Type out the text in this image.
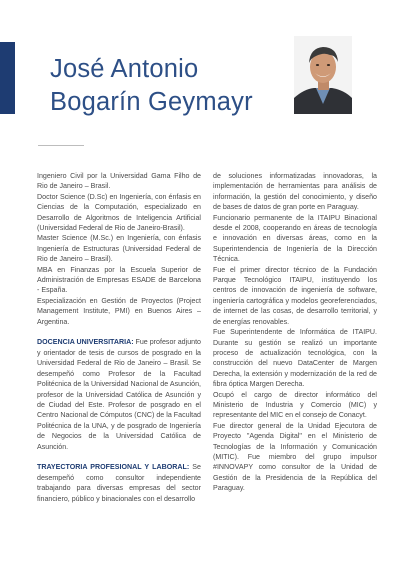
José Antonio
Bogarín Geymayr

Ingeniero Civil por la Universidad Gama Filho de Rio de Janeiro – Brasil.

Doctor Science (D.Sc) en Ingeniería, con énfasis en Ciencias de la Computación, especializado en Desarrollo de Algoritmos de Inteligencia Artificial (Universidad Federal de Rio de Janeiro-Brasil).

Master Science (M.Sc.) en Ingeniería, con énfasis Ingeniería de Estructuras (Universidad Federal de Rio de Janeiro – Brasil).

MBA en Finanzas por la Escuela Superior de Administración de Empresas ESADE de Barcelona - España.

Especialización en Gestión de Proyectos (Project Management Institute, PMI) en Buenos Aires – Argentina.

DOCENCIA UNIVERSITARIA: Fue profesor adjunto y orientador de tesis de cursos de posgrado en la Universidad Federal de Rio de Janeiro – Brasil. Se desempeñó como Profesor de la Facultad Politécnica de la Universidad Nacional de Asunción, profesor de la Universidad Católica de Asunción y de Ciudad del Este. Profesor de posgrado en el Centro Nacional de Cómputos (CNC) de la Facultad Politécnica de la UNA, y de posgrado de Ingeniería de Negocios de la Universidad Católica de Asunción.

TRAYECTORIA PROFESIONAL Y LABORAL: Se desempeñó como consultor independiente trabajando para diversas empresas del sector financiero, público y binacionales con el desarrollo

de soluciones informatizadas innovadoras, la implementación de herramientas para análisis de información, la gestión del conocimiento, y diseño de bases de datos de gran porte en Paraguay.

Funcionario permanente de la ITAIPU Binacional desde el 2008, cooperando en áreas de tecnología e innovación en diversas áreas, como en la Superintendencia de Ingeniería de la Dirección Técnica.

Fue el primer director técnico de la Fundación Parque Tecnológico ITAIPU, instituyendo los centros de innovación de ingeniería de software, ingeniería cartográfica y modelos georeferenciados, de internet de las cosas, de desarrollo territorial, y de energías renovables.

Fue Superintendente de Informática de ITAIPU. Durante su gestión se realizó un importante proceso de actualización tecnológica, con la construcción del nuevo DataCenter de Margen Derecha, la extensión y modernización de la red de fibra óptica Margen Derecha.

Ocupó el cargo de director informático del Ministerio de Industria y Comercio (MIC) y representante del MIC en el consejo de Conacyt.

Fue director general de la Unidad Ejecutora de Proyecto "Agenda Digital" en el Ministerio de Tecnologías de la Información y Comunicación (MITIC). Fue miembro del grupo impulsor #INNOVAPY como consultor de la Unidad de Gestión de la Presidencia de la República del Paraguay.
